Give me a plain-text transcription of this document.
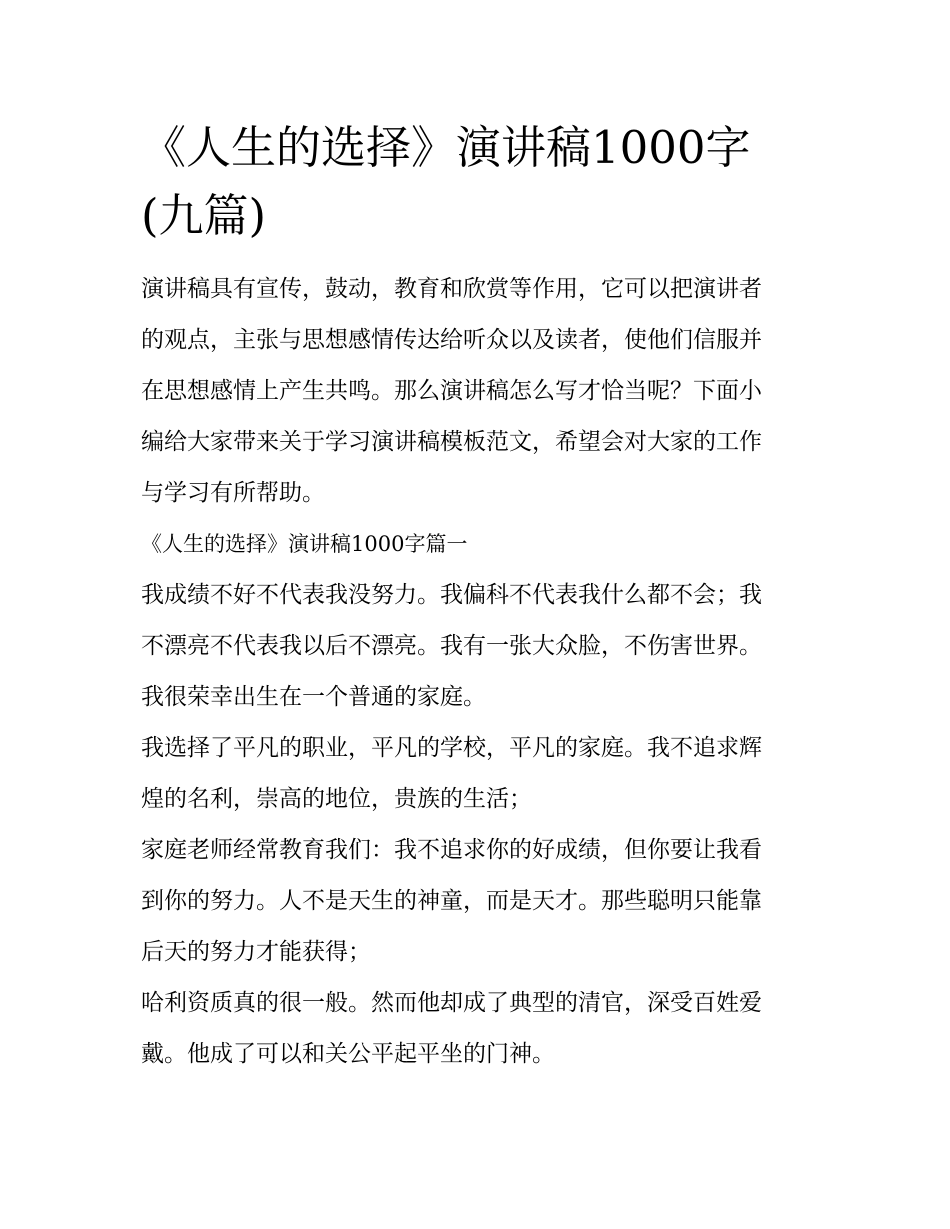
《人生的选择》演讲稿1000字
(九篇)

演讲稿具有宣传，鼓动，教育和欣赏等作用，它可以把演讲者
的观点，主张与思想感情传达给听众以及读者，使他们信服并
在思想感情上产生共鸣。那么演讲稿怎么写才恰当呢？下面小
编给大家带来关于学习演讲稿模板范文，希望会对大家的工作
与学习有所帮助。

《人生的选择》演讲稿1000字篇一

我成绩不好不代表我没努力。我偏科不代表我什么都不会；我
不漂亮不代表我以后不漂亮。我有一张大众脸，不伤害世界。
我很荣幸出生在一个普通的家庭。

我选择了平凡的职业，平凡的学校，平凡的家庭。我不追求辉
煌的名利，崇高的地位，贵族的生活；

家庭老师经常教育我们：我不追求你的好成绩，但你要让我看
到你的努力。人不是天生的神童，而是天才。那些聪明只能靠
后天的努力才能获得；

哈利资质真的很一般。然而他却成了典型的清官，深受百姓爱
戴。他成了可以和关公平起平坐的门神。
